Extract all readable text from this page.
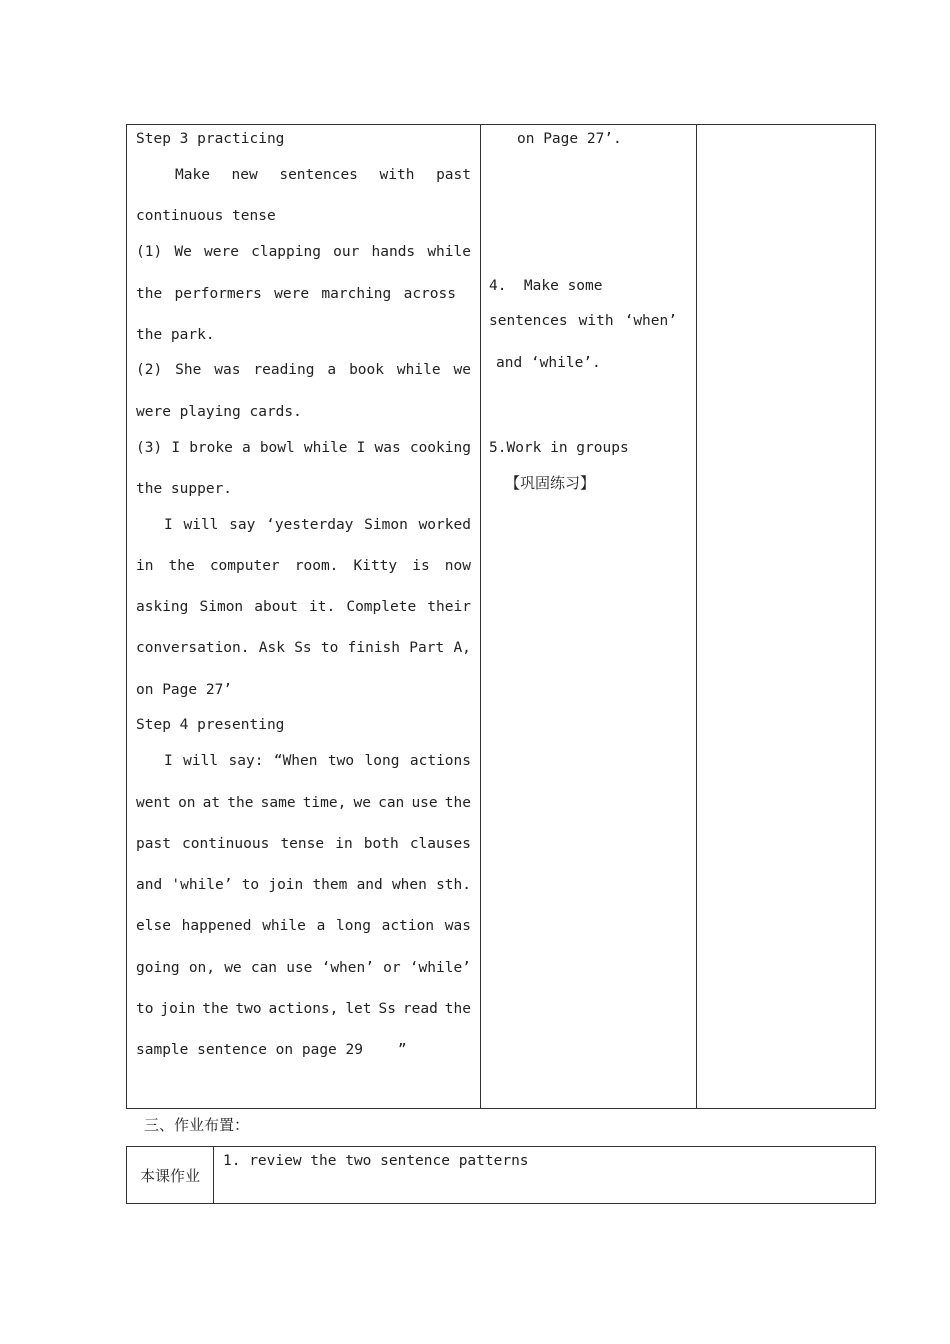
Step 3 practicing
Make new sentences with past
continuous tense
(1) We were clapping our hands while
the performers were marching across
the park.
(2) She was reading a book while we
were playing cards.
(3) I broke a bowl while I was cooking
the supper.
I will say ‘yesterday Simon worked
in the computer room. Kitty is now
asking Simon about it. Complete their
conversation. Ask Ss to finish Part A,
on Page 27’
Step 4 presenting
I will say: “When two long actions
went on at the same time, we can use the
past continuous tense in both clauses
and 'while’ to join them and when sth.
else happened while a long action was
going on, we can use ‘when’ or ‘while’
to join the two actions, let Ss read the
sample sentence on page 29    ”
on Page 27’.
4.  Make some
sentences with ‘when’
and ‘while’.
5.Work in groups
【巩固练习】
三、作业布置：
本课作业
1. review the two sentence patterns
